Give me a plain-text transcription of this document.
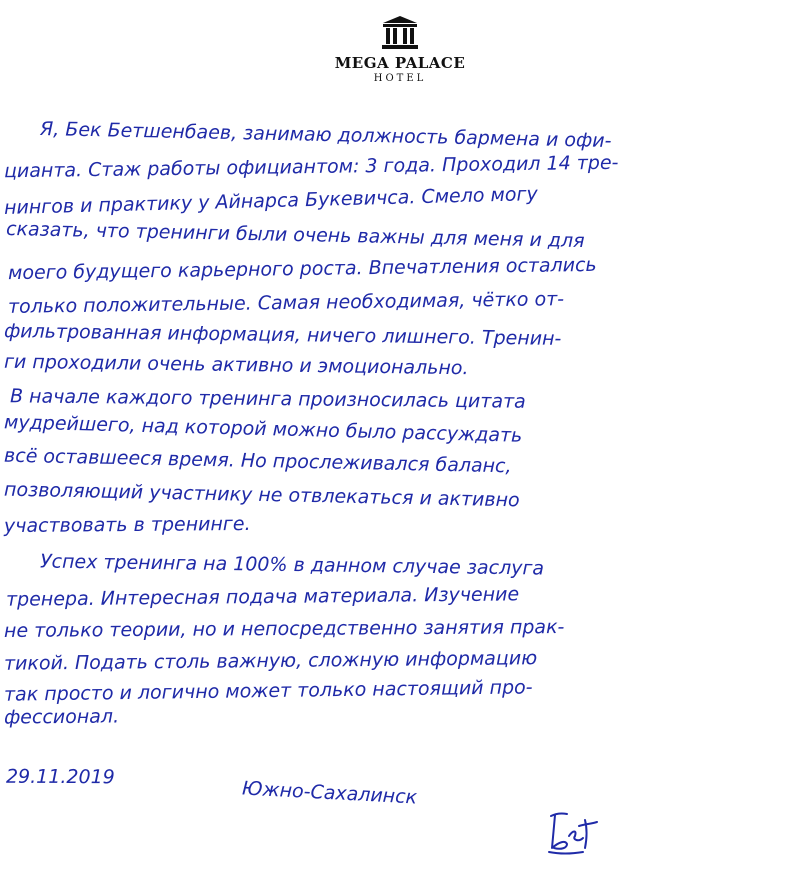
MEGA PALACE
HOTEL
Я, Бек Бетшенбаев, занимаю должность бармена и офи-
цианта. Стаж работы официантом: 3 года. Проходил 14 тре-
нингов и практику у Айнарса Букевичса. Смело могу
сказать, что тренинги были очень важны для меня и для
моего будущего карьерного роста. Впечатления остались
только положительные. Самая необходимая, чётко от-
фильтрованная информация, ничего лишнего. Тренин-
ги проходили очень активно и эмоционально.
В начале каждого тренинга произносилась цитата
мудрейшего, над которой можно было рассуждать
всё оставшееся время. Но прослеживался баланс,
позволяющий участнику не отвлекаться и активно
участвовать в тренинге.
Успех тренинга на 100% в данном случае заслуга
тренера. Интересная подача материала. Изучение
не только теории, но и непосредственно занятия прак-
тикой. Подать столь важную, сложную информацию
так просто и логично может только настоящий про-
фессионал.
29.11.2019
Южно-Сахалинск
